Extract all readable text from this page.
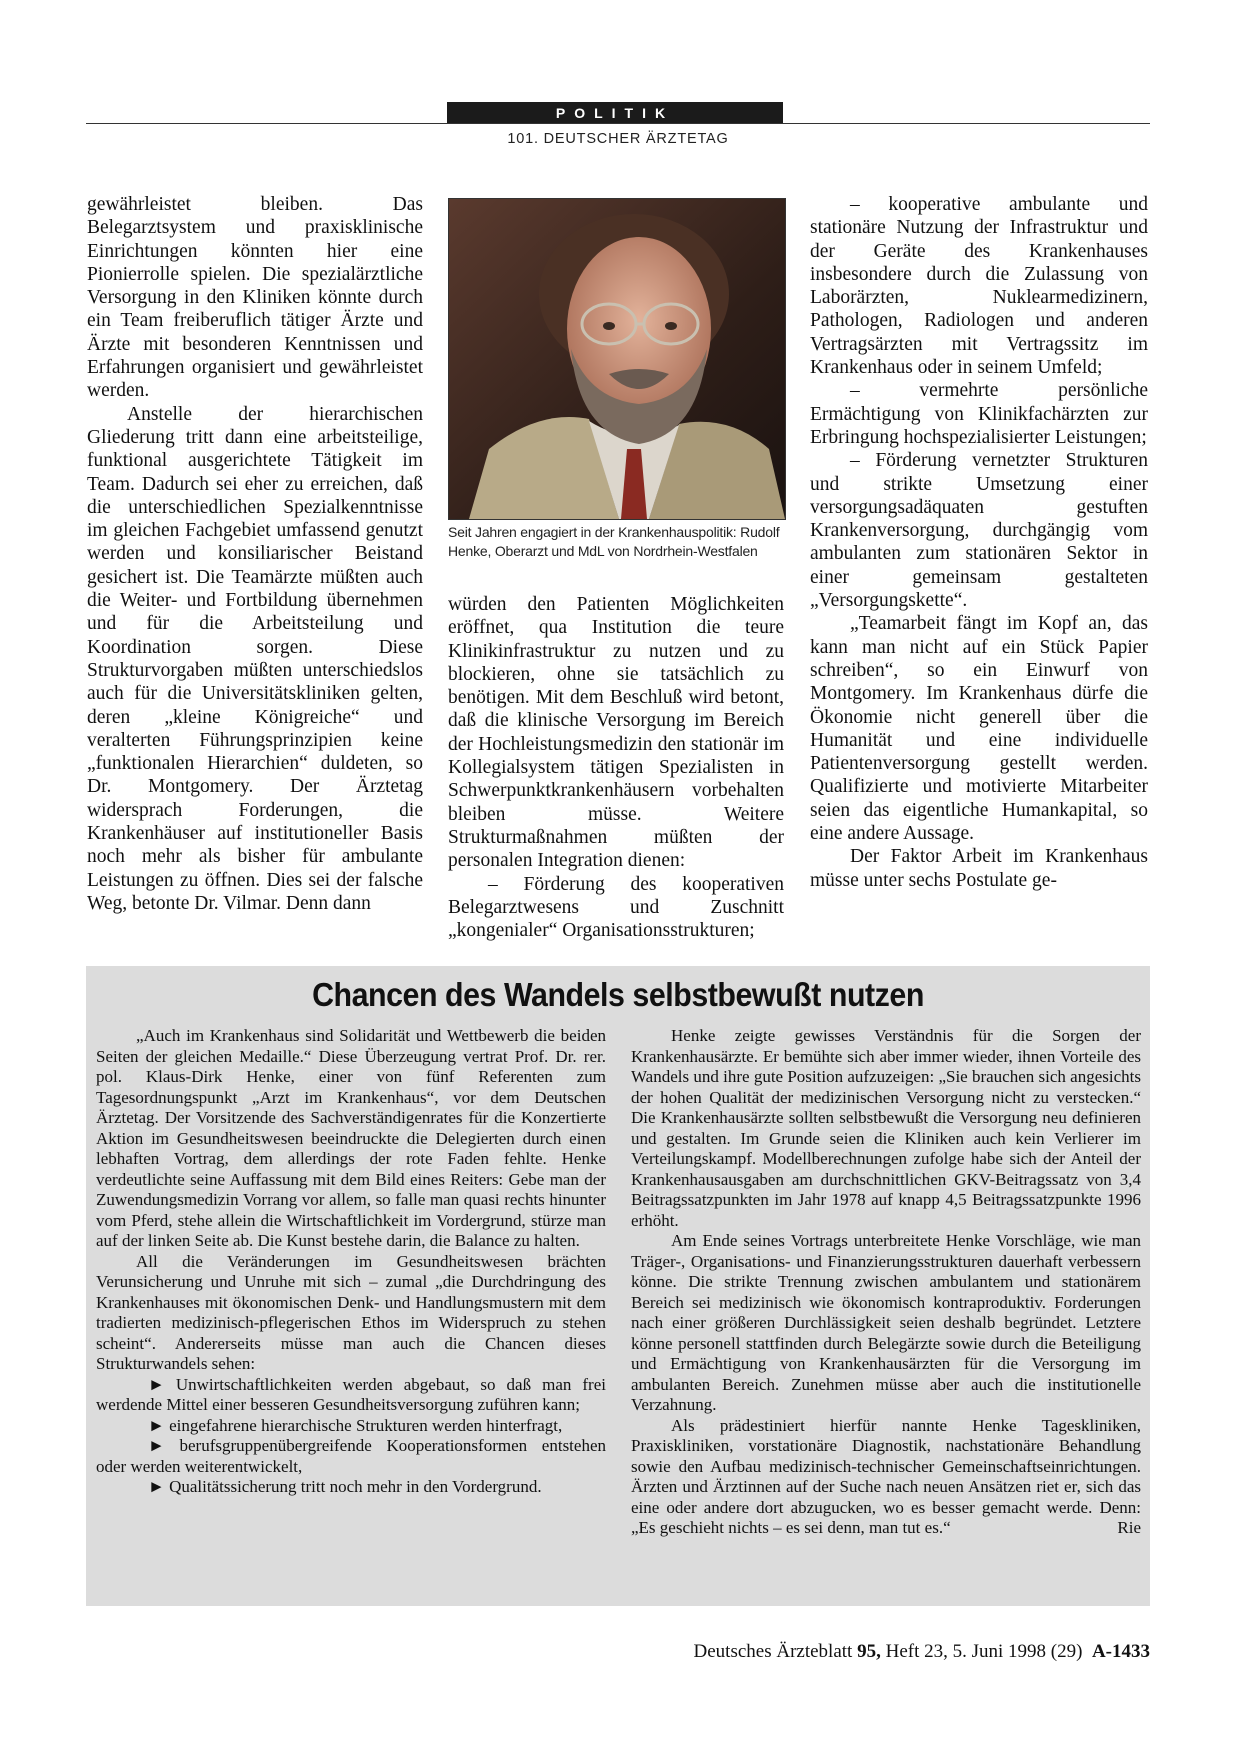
POLITIK
101. DEUTSCHER ÄRZTETAG

gewährleistet bleiben. Das Belegarztsystem und praxisklinische Einrichtungen könnten hier eine Pionierrolle spielen. Die spezialärztliche Versorgung in den Kliniken könnte durch ein Team freiberuflich tätiger Ärzte und Ärzte mit besonderen Kenntnissen und Erfahrungen organisiert und gewährleistet werden.

Anstelle der hierarchischen Gliederung tritt dann eine arbeitsteilige, funktional ausgerichtete Tätigkeit im Team. Dadurch sei eher zu erreichen, daß die unterschiedlichen Spezialkenntnisse im gleichen Fachgebiet umfassend genutzt werden und konsiliarischer Beistand gesichert ist. Die Teamärzte müßten auch die Weiter- und Fortbildung übernehmen und für die Arbeitsteilung und Koordination sorgen. Diese Strukturvorgaben müßten unterschiedslos auch für die Universitätskliniken gelten, deren „kleine Königreiche“ und veralterten Führungsprinzipien keine „funktionalen Hierarchien“ duldeten, so Dr. Montgomery. Der Ärztetag widersprach Forderungen, die Krankenhäuser auf institutioneller Basis noch mehr als bisher für ambulante Leistungen zu öffnen. Dies sei der falsche Weg, betonte Dr. Vilmar. Denn dann

Seit Jahren engagiert in der Krankenhauspolitik: Rudolf Henke, Oberarzt und MdL von Nordrhein-Westfalen

würden den Patienten Möglichkeiten eröffnet, qua Institution die teure Klinikinfrastruktur zu nutzen und zu blockieren, ohne sie tatsächlich zu benötigen. Mit dem Beschluß wird betont, daß die klinische Versorgung im Bereich der Hochleistungsmedizin den stationär im Kollegialsystem tätigen Spezialisten in Schwerpunktkrankenhäusern vorbehalten bleiben müsse. Weitere Strukturmaßnahmen müßten der personalen Integration dienen:

– Förderung des kooperativen Belegarztwesens und Zuschnitt „kongenialer“ Organisationsstrukturen;

– kooperative ambulante und stationäre Nutzung der Infrastruktur und der Geräte des Krankenhauses insbesondere durch die Zulassung von Laborärzten, Nuklearmedizinern, Pathologen, Radiologen und anderen Vertragsärzten mit Vertragssitz im Krankenhaus oder in seinem Umfeld;

– vermehrte persönliche Ermächtigung von Klinikfachärzten zur Erbringung hochspezialisierter Leistungen;

– Förderung vernetzter Strukturen und strikte Umsetzung einer versorgungsadäquaten gestuften Krankenversorgung, durchgängig vom ambulanten zum stationären Sektor in einer gemeinsam gestalteten „Versorgungskette“.

„Teamarbeit fängt im Kopf an, das kann man nicht auf ein Stück Papier schreiben“, so ein Einwurf von Montgomery. Im Krankenhaus dürfe die Ökonomie nicht generell über die Humanität und eine individuelle Patientenversorgung gestellt werden. Qualifizierte und motivierte Mitarbeiter seien das eigentliche Humankapital, so eine andere Aussage.

Der Faktor Arbeit im Krankenhaus müsse unter sechs Postulate ge-

Chancen des Wandels selbstbewußt nutzen

„Auch im Krankenhaus sind Solidarität und Wettbewerb die beiden Seiten der gleichen Medaille.“ Diese Überzeugung vertrat Prof. Dr. rer. pol. Klaus-Dirk Henke, einer von fünf Referenten zum Tagesordnungspunkt „Arzt im Krankenhaus“, vor dem Deutschen Ärztetag. Der Vorsitzende des Sachverständigenrates für die Konzertierte Aktion im Gesundheitswesen beeindruckte die Delegierten durch einen lebhaften Vortrag, dem allerdings der rote Faden fehlte. Henke verdeutlichte seine Auffassung mit dem Bild eines Reiters: Gebe man der Zuwendungsmedizin Vorrang vor allem, so falle man quasi rechts hinunter vom Pferd, stehe allein die Wirtschaftlichkeit im Vordergrund, stürze man auf der linken Seite ab. Die Kunst bestehe darin, die Balance zu halten.

All die Veränderungen im Gesundheitswesen brächten Verunsicherung und Unruhe mit sich – zumal „die Durchdringung des Krankenhauses mit ökonomischen Denk- und Handlungsmustern mit dem tradierten medizinisch-pflegerischen Ethos im Widerspruch zu stehen scheint“. Andererseits müsse man auch die Chancen dieses Strukturwandels sehen:

► Unwirtschaftlichkeiten werden abgebaut, so daß man frei werdende Mittel einer besseren Gesundheitsversorgung zuführen kann;

► eingefahrene hierarchische Strukturen werden hinterfragt,

► berufsgruppenübergreifende Kooperationsformen entstehen oder werden weiterentwickelt,

► Qualitätssicherung tritt noch mehr in den Vordergrund.

Henke zeigte gewisses Verständnis für die Sorgen der Krankenhausärzte. Er bemühte sich aber immer wieder, ihnen Vorteile des Wandels und ihre gute Position aufzuzeigen: „Sie brauchen sich angesichts der hohen Qualität der medizinischen Versorgung nicht zu verstecken.“ Die Krankenhausärzte sollten selbstbewußt die Versorgung neu definieren und gestalten. Im Grunde seien die Kliniken auch kein Verlierer im Verteilungskampf. Modellberechnungen zufolge habe sich der Anteil der Krankenhausausgaben am durchschnittlichen GKV-Beitragssatz von 3,4 Beitragssatzpunkten im Jahr 1978 auf knapp 4,5 Beitragssatzpunkte 1996 erhöht.

Am Ende seines Vortrags unterbreitete Henke Vorschläge, wie man Träger-, Organisations- und Finanzierungsstrukturen dauerhaft verbessern könne. Die strikte Trennung zwischen ambulantem und stationärem Bereich sei medizinisch wie ökonomisch kontraproduktiv. Forderungen nach einer größeren Durchlässigkeit seien deshalb begründet. Letztere könne personell stattfinden durch Belegärzte sowie durch die Beteiligung und Ermächtigung von Krankenhausärzten für die Versorgung im ambulanten Bereich. Zunehmen müsse aber auch die institutionelle Verzahnung.

Als prädestiniert hierfür nannte Henke Tageskliniken, Praxiskliniken, vorstationäre Diagnostik, nachstationäre Behandlung sowie den Aufbau medizinisch-technischer Gemeinschaftseinrichtungen. Ärzten und Ärztinnen auf der Suche nach neuen Ansätzen riet er, sich das eine oder andere dort abzugucken, wo es besser gemacht werde. Denn: „Es geschieht nichts – es sei denn, man tut es.“	Rie

Deutsches Ärzteblatt 95, Heft 23, 5. Juni 1998 (29) A-1433
